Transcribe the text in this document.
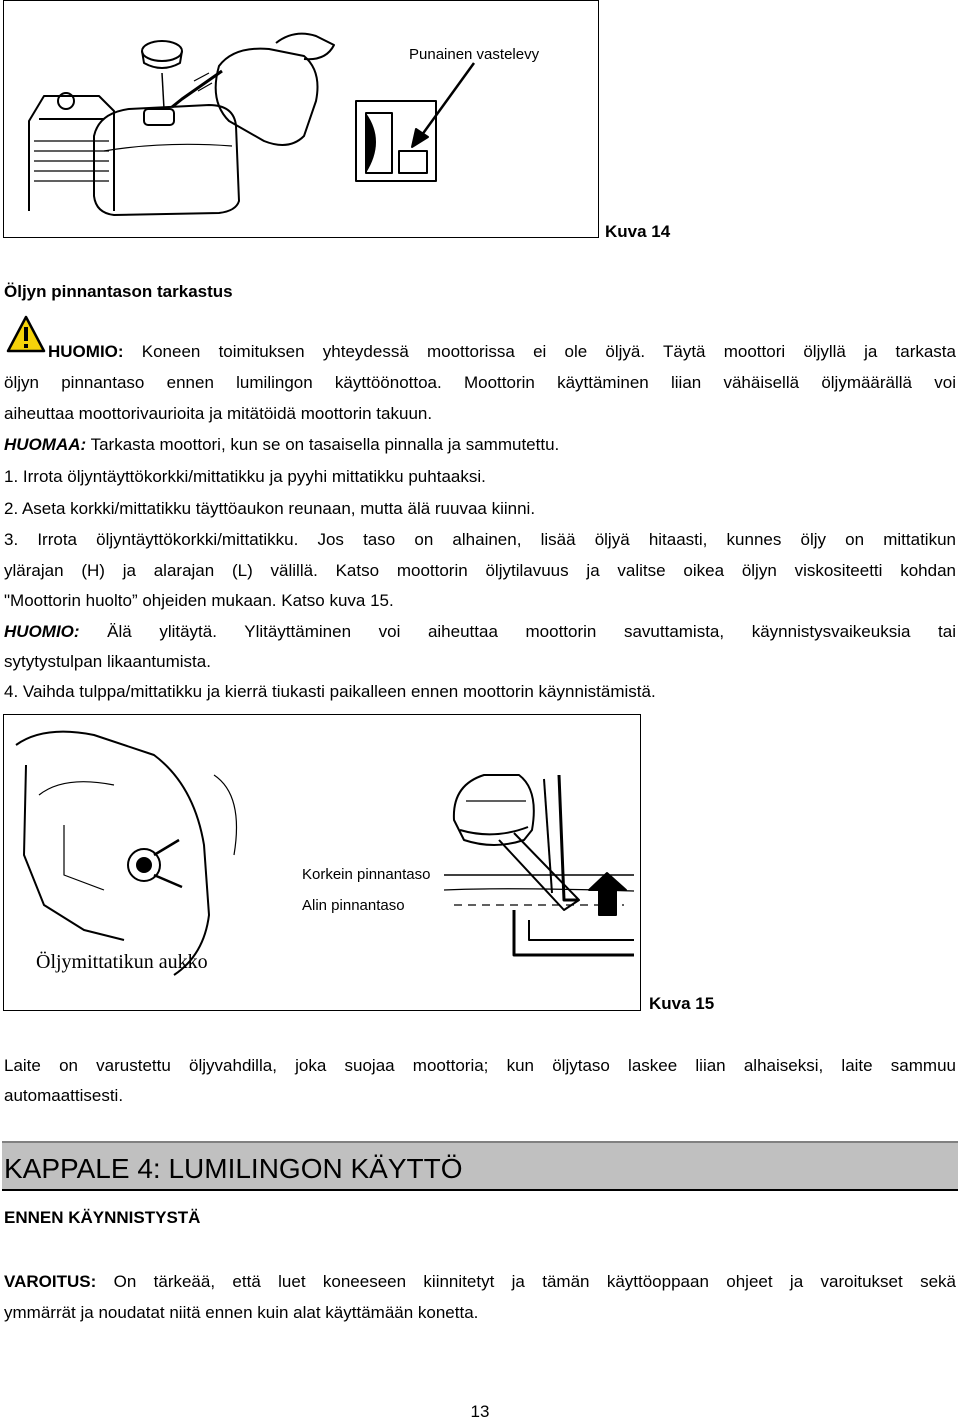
Punainen vastelevy
Kuva 14
Öljyn pinnantason tarkastus
HUOMIO: Koneen toimituksen yhteydessä moottorissa ei ole öljyä. Täytä moottori öljyllä ja tarkasta
öljyn pinnantaso ennen lumilingon käyttöönottoa. Moottorin käyttäminen liian vähäisellä öljymäärällä voi
aiheuttaa moottorivaurioita ja mitätöidä moottorin takuun.
HUOMAA: Tarkasta moottori, kun se on tasaisella pinnalla ja sammutettu.
1. Irrota öljyntäyttökorkki/mittatikku ja pyyhi mittatikku puhtaaksi.
2. Aseta korkki/mittatikku täyttöaukon reunaan, mutta älä ruuvaa kiinni.
3. Irrota öljyntäyttökorkki/mittatikku. Jos taso on alhainen, lisää öljyä hitaasti, kunnes öljy on mittatikun
ylärajan (H) ja alarajan (L) välillä. Katso moottorin öljytilavuus ja valitse oikea öljyn viskositeetti kohdan
"Moottorin huolto” ohjeiden mukaan. Katso kuva 15.
HUOMIO: Älä ylitäytä. Ylitäyttäminen voi aiheuttaa moottorin savuttamista, käynnistysvaikeuksia tai
sytytystulpan likaantumista.
4. Vaihda tulppa/mittatikku ja kierrä tiukasti paikalleen ennen moottorin käynnistämistä.
Korkein pinnantaso
Alin pinnantaso
Öljymittatikun aukko
Kuva 15
Laite on varustettu öljyvahdilla, joka suojaa moottoria; kun öljytaso laskee liian alhaiseksi, laite sammuu
automaattisesti.
KAPPALE 4: LUMILINGON KÄYTTÖ
ENNEN KÄYNNISTYSTÄ
VAROITUS: On tärkeää, että luet koneeseen kiinnitetyt ja tämän käyttöoppaan ohjeet ja varoitukset sekä
ymmärrät ja noudatat niitä ennen kuin alat käyttämään konetta.
13
